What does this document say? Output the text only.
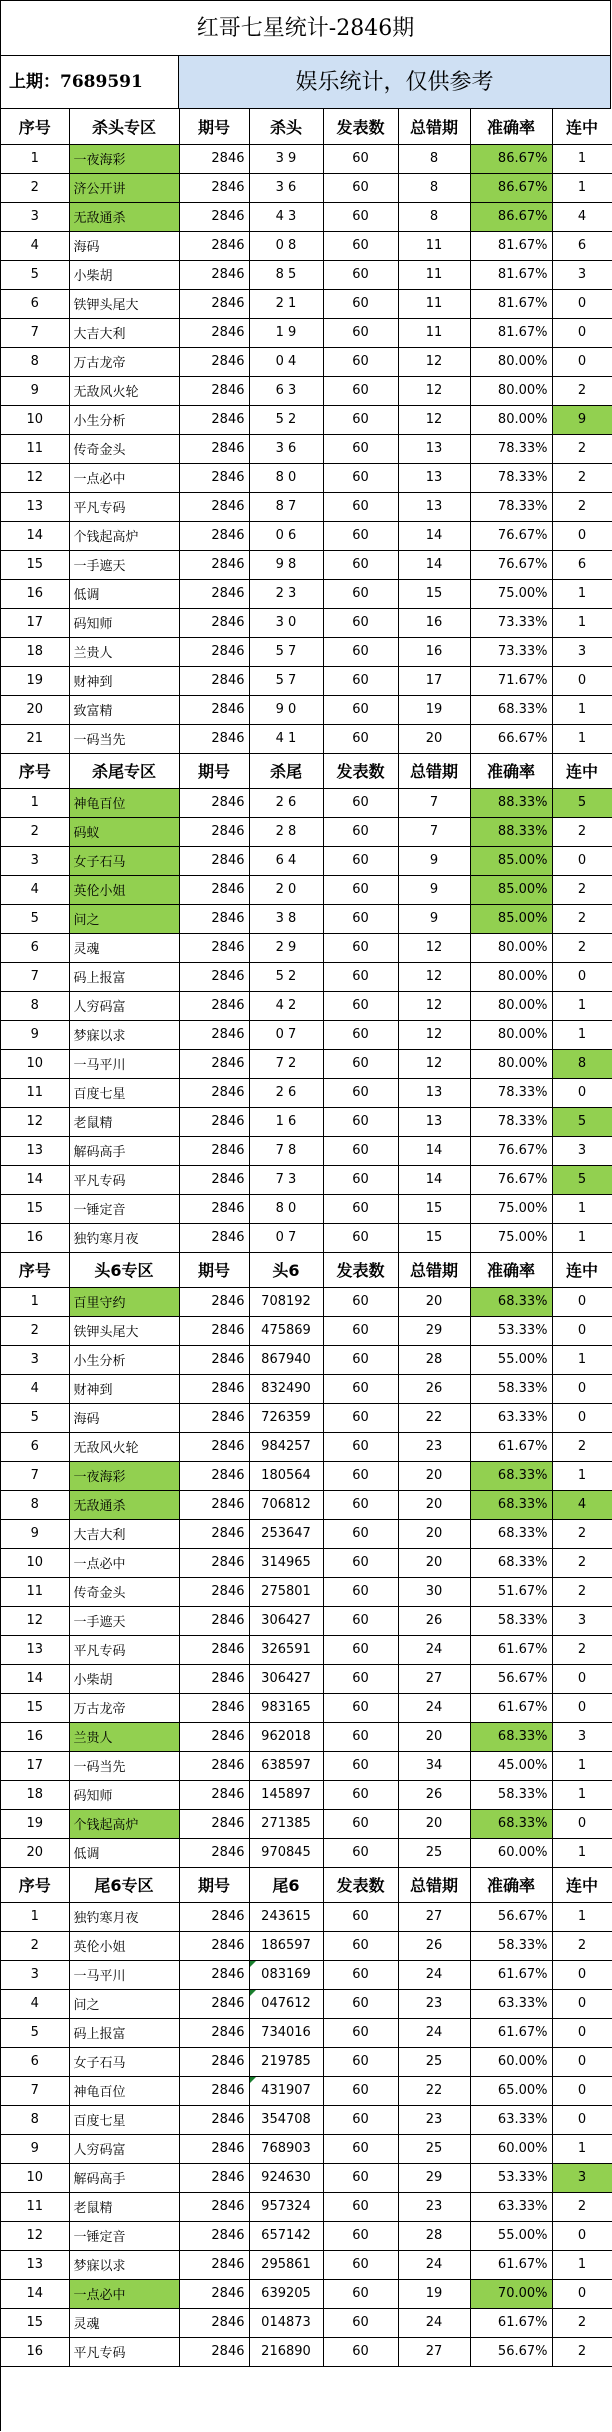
红哥七星统计-2846期
上期：7689591	娱乐统计，仅供参考
序号	杀头专区	期号	杀头	发表数	总错期	准确率	连中
1	一夜海彩	2846	3 9	60	8	86.67%	1
2	济公开讲	2846	3 6	60	8	86.67%	1
3	无敌通杀	2846	4 3	60	8	86.67%	4
4	海码	2846	0 8	60	11	81.67%	6
5	小柴胡	2846	8 5	60	11	81.67%	3
6	铁钾头尾大	2846	2 1	60	11	81.67%	0
7	大吉大利	2846	1 9	60	11	81.67%	0
8	万古龙帝	2846	0 4	60	12	80.00%	0
9	无敌风火轮	2846	6 3	60	12	80.00%	2
10	小生分析	2846	5 2	60	12	80.00%	9
11	传奇金头	2846	3 6	60	13	78.33%	2
12	一点必中	2846	8 0	60	13	78.33%	2
13	平凡专码	2846	8 7	60	13	78.33%	2
14	个钱起高炉	2846	0 6	60	14	76.67%	0
15	一手遮天	2846	9 8	60	14	76.67%	6
16	低调	2846	2 3	60	15	75.00%	1
17	码知师	2846	3 0	60	16	73.33%	1
18	兰贵人	2846	5 7	60	16	73.33%	3
19	财神到	2846	5 7	60	17	71.67%	0
20	致富精	2846	9 0	60	19	68.33%	1
21	一码当先	2846	4 1	60	20	66.67%	1
序号	杀尾专区	期号	杀尾	发表数	总错期	准确率	连中
1	神龟百位	2846	2 6	60	7	88.33%	5
2	码蚁	2846	2 8	60	7	88.33%	2
3	女子石马	2846	6 4	60	9	85.00%	0
4	英伦小姐	2846	2 0	60	9	85.00%	2
5	问之	2846	3 8	60	9	85.00%	2
6	灵魂	2846	2 9	60	12	80.00%	2
7	码上报富	2846	5 2	60	12	80.00%	0
8	人穷码富	2846	4 2	60	12	80.00%	1
9	梦寐以求	2846	0 7	60	12	80.00%	1
10	一马平川	2846	7 2	60	12	80.00%	8
11	百度七星	2846	2 6	60	13	78.33%	0
12	老鼠精	2846	1 6	60	13	78.33%	5
13	解码高手	2846	7 8	60	14	76.67%	3
14	平凡专码	2846	7 3	60	14	76.67%	5
15	一锤定音	2846	8 0	60	15	75.00%	1
16	独钓寒月夜	2846	0 7	60	15	75.00%	1
序号	头6专区	期号	头6	发表数	总错期	准确率	连中
1	百里守约	2846	708192	60	20	68.33%	0
2	铁钾头尾大	2846	475869	60	29	53.33%	0
3	小生分析	2846	867940	60	28	55.00%	1
4	财神到	2846	832490	60	26	58.33%	0
5	海码	2846	726359	60	22	63.33%	0
6	无敌风火轮	2846	984257	60	23	61.67%	2
7	一夜海彩	2846	180564	60	20	68.33%	1
8	无敌通杀	2846	706812	60	20	68.33%	4
9	大吉大利	2846	253647	60	20	68.33%	2
10	一点必中	2846	314965	60	20	68.33%	2
11	传奇金头	2846	275801	60	30	51.67%	2
12	一手遮天	2846	306427	60	26	58.33%	3
13	平凡专码	2846	326591	60	24	61.67%	2
14	小柴胡	2846	306427	60	27	56.67%	0
15	万古龙帝	2846	983165	60	24	61.67%	0
16	兰贵人	2846	962018	60	20	68.33%	3
17	一码当先	2846	638597	60	34	45.00%	1
18	码知师	2846	145897	60	26	58.33%	1
19	个钱起高炉	2846	271385	60	20	68.33%	0
20	低调	2846	970845	60	25	60.00%	1
序号	尾6专区	期号	尾6	发表数	总错期	准确率	连中
1	独钓寒月夜	2846	243615	60	27	56.67%	1
2	英伦小姐	2846	186597	60	26	58.33%	2
3	一马平川	2846	083169	60	24	61.67%	0
4	问之	2846	047612	60	23	63.33%	0
5	码上报富	2846	734016	60	24	61.67%	0
6	女子石马	2846	219785	60	25	60.00%	0
7	神龟百位	2846	431907	60	22	65.00%	0
8	百度七星	2846	354708	60	23	63.33%	0
9	人穷码富	2846	768903	60	25	60.00%	1
10	解码高手	2846	924630	60	29	53.33%	3
11	老鼠精	2846	957324	60	23	63.33%	2
12	一锤定音	2846	657142	60	28	55.00%	0
13	梦寐以求	2846	295861	60	24	61.67%	1
14	一点必中	2846	639205	60	19	70.00%	0
15	灵魂	2846	014873	60	24	61.67%	2
16	平凡专码	2846	216890	60	27	56.67%	2
